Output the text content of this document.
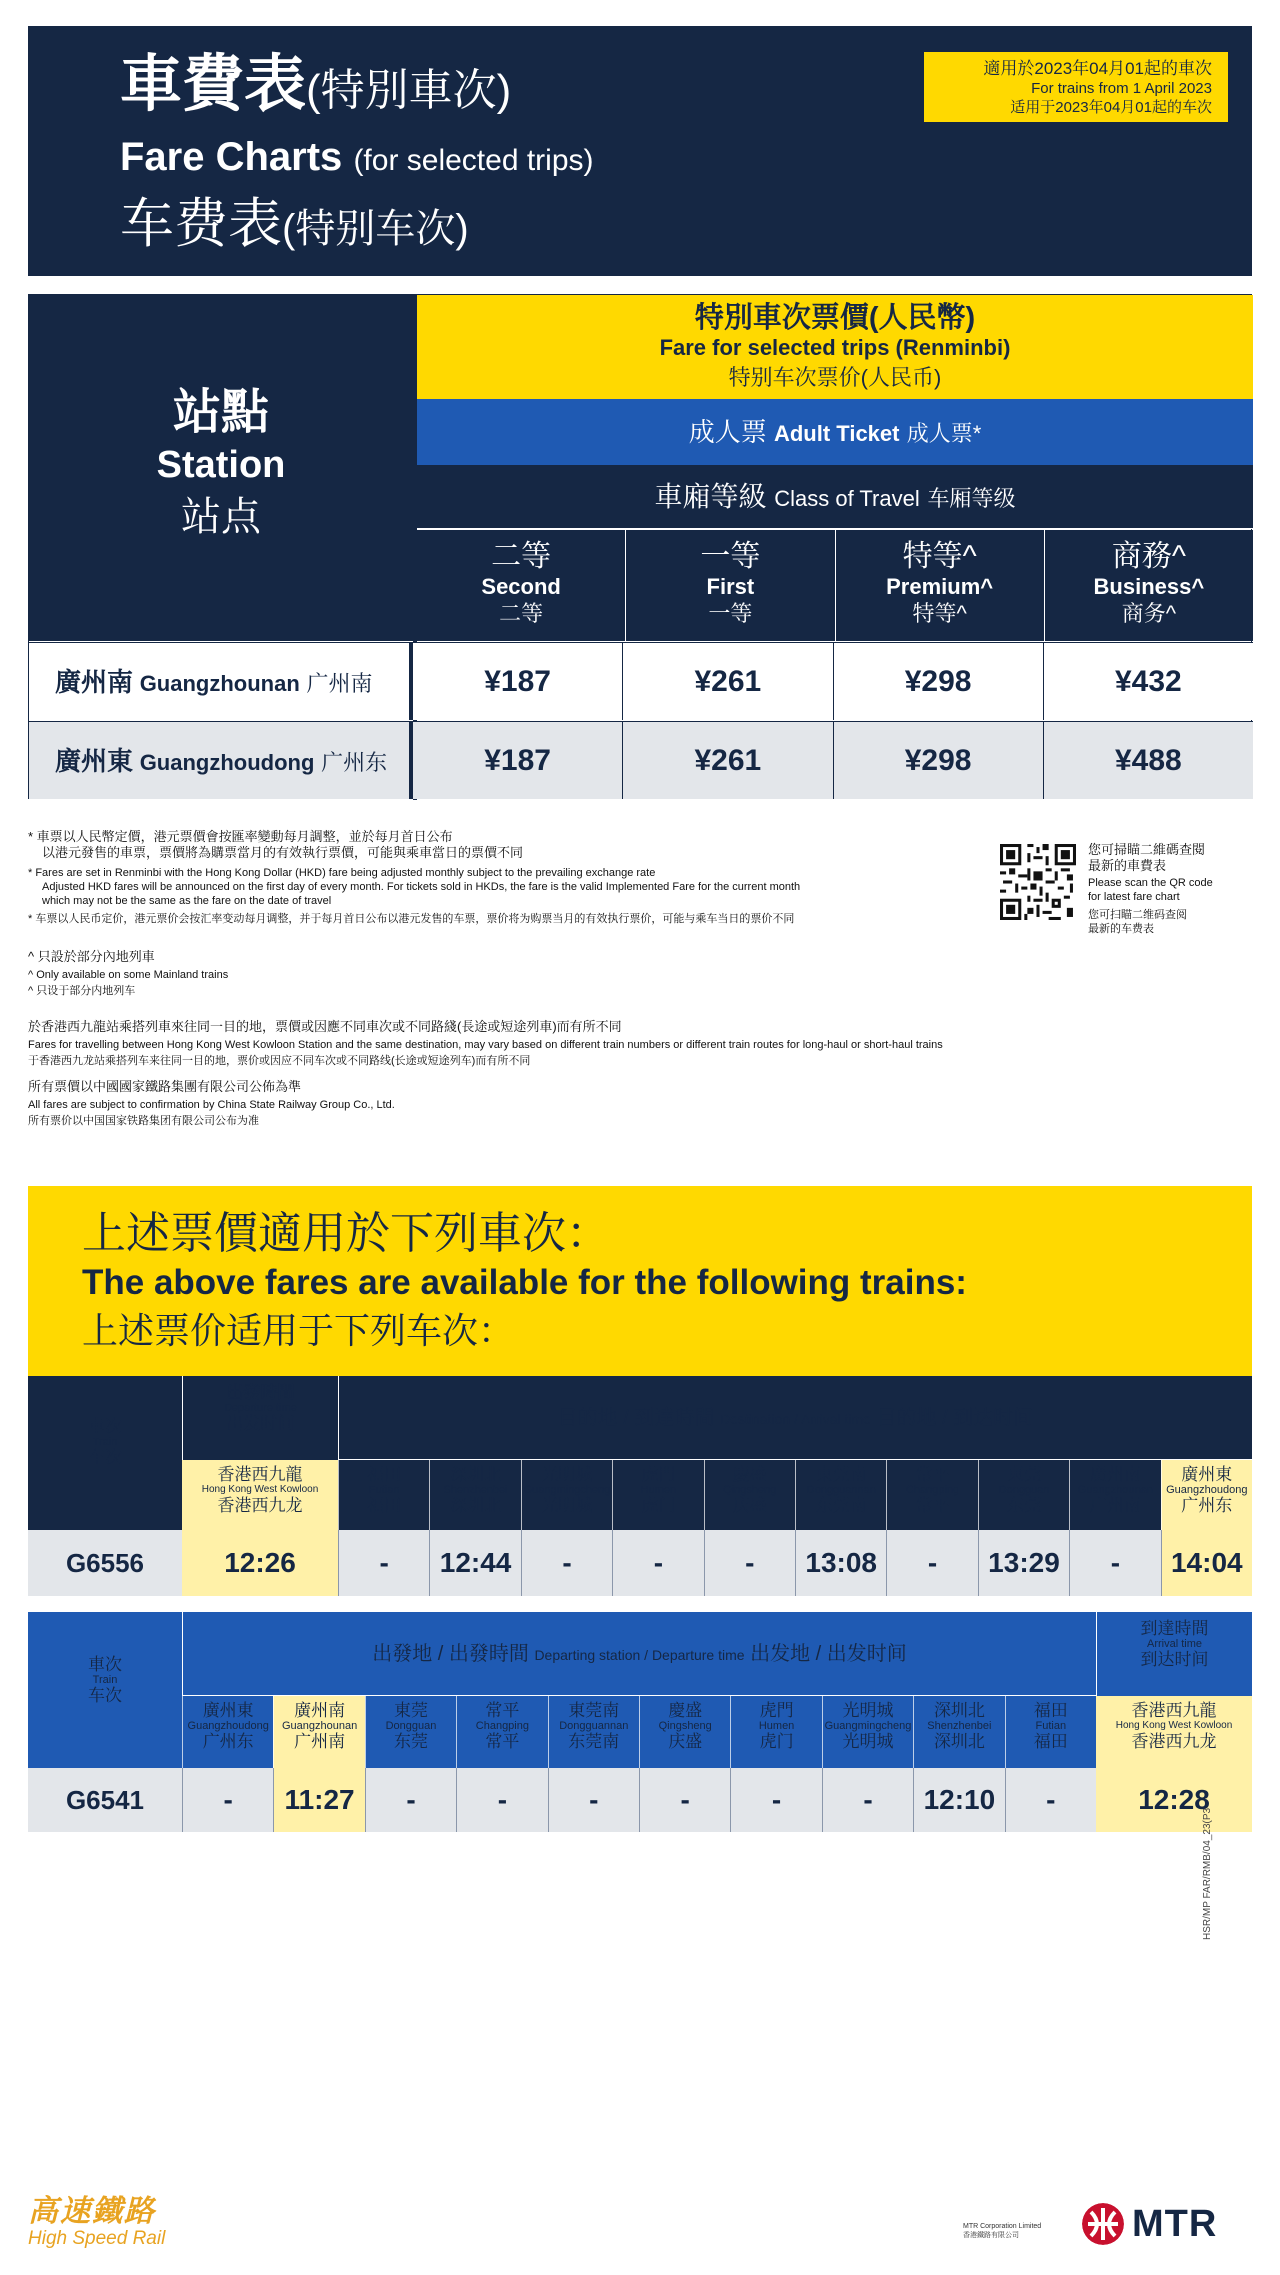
車費表(特別車次)
Fare Charts (for selected trips)
车费表(特别车次)
適用於2023年04月01起的車次
For trains from 1 April 2023
适用于2023年04月01起的车次
站點
Station
站点
特別車次票價(人民幣)
Fare for selected trips (Renminbi)
特别车次票价(人民币)
成人票 Adult Ticket 成人票*
車廂等級 Class of Travel 车厢等级
二等
Second
二等
一等
First
一等
特等^
Premium^
特等^
商務^
Business^
商务^
廣州南 Guangzhounan 广州南	¥187	¥261	¥298	¥432
廣州東 Guangzhoudong 广州东	¥187	¥261	¥298	¥488

* 車票以人民幣定價，港元票價會按匯率變動每月調整，並於每月首日公布

以港元發售的車票，票價將為購票當月的有效執行票價，可能與乘車當日的票價不同

* Fares are set in Renminbi with the Hong Kong Dollar (HKD) fare being adjusted monthly subject to the prevailing exchange rate

Adjusted HKD fares will be announced on the first day of every month. For tickets sold in HKDs, the fare is the valid Implemented Fare for the current month

which may not be the same as the fare on the date of travel

* 车票以人民币定价，港元票价会按汇率变动每月调整，并于每月首日公布以港元发售的车票，票价将为购票当月的有效执行票价，可能与乘车当日的票价不同

^ 只設於部分內地列車

^ Only available on some Mainland trains

^ 只设于部分内地列车

於香港西九龍站乘搭列車來往同一目的地，票價或因應不同車次或不同路綫(長途或短途列車)而有所不同

Fares for travelling between Hong Kong West Kowloon Station and the same destination, may vary based on different train numbers or different train routes for long-haul or short-haul trains

于香港西九龙站乘搭列车来往同一目的地，票价或因应不同车次或不同路线(长途或短途列车)而有所不同

所有票價以中國國家鐵路集團有限公司公佈為準

All fares are subject to confirmation by China State Railway Group Co., Ltd.

所有票价以中国国家铁路集团有限公司公布为准

您可掃瞄二維碼查閱
最新的車費表
Please scan the QR code
for latest fare chart
您可扫瞄二维码查阅
最新的车费表
上述票價適用於下列車次：
The above fares are available for the following trains:
上述票价适用于下列车次：
車次
Train
车次
出發時間
Departure time
出发时间
香港西九龍
Hong Kong West Kowloon
香港西九龙
目的地 / 到達時間 Destination / Arrival time 目的地 / 到达时间
福田
Futian
福田
深圳北
Shenzhenbei
深圳北
光明城
Guangmingcheng
光明城
虎門
Humen
虎门
慶盛
Qingsheng
庆盛
東莞南
Dongguannan
东莞南
常平
Changping
常平
東莞
Dongguan
东莞
廣州南
Guangzhounan
广州南
廣州東
Guangzhoudong
广州东
G6556	12:26	-	12:44	-	-	-	13:08	-	13:29	-	14:04
車次
Train
车次
出發地 / 出發時間 Departing station / Departure time 出发地 / 出发时间
到達時間
Arrival time
到达时间
香港西九龍
Hong Kong West Kowloon
香港西九龙
廣州東
Guangzhoudong
广州东
廣州南
Guangzhounan
广州南
東莞
Dongguan
东莞
常平
Changping
常平
東莞南
Dongguannan
东莞南
慶盛
Qingsheng
庆盛
虎門
Humen
虎门
光明城
Guangmingcheng
光明城
深圳北
Shenzhenbei
深圳北
福田
Futian
福田
G6541	-	11:27	-	-	-	-	-	-	12:10	-	12:28
HSR/MP FAR/RMB/04_23(P3
高速鐵路
High Speed Rail
MTR Corporation Limited
香港鐵路有限公司	MTR
